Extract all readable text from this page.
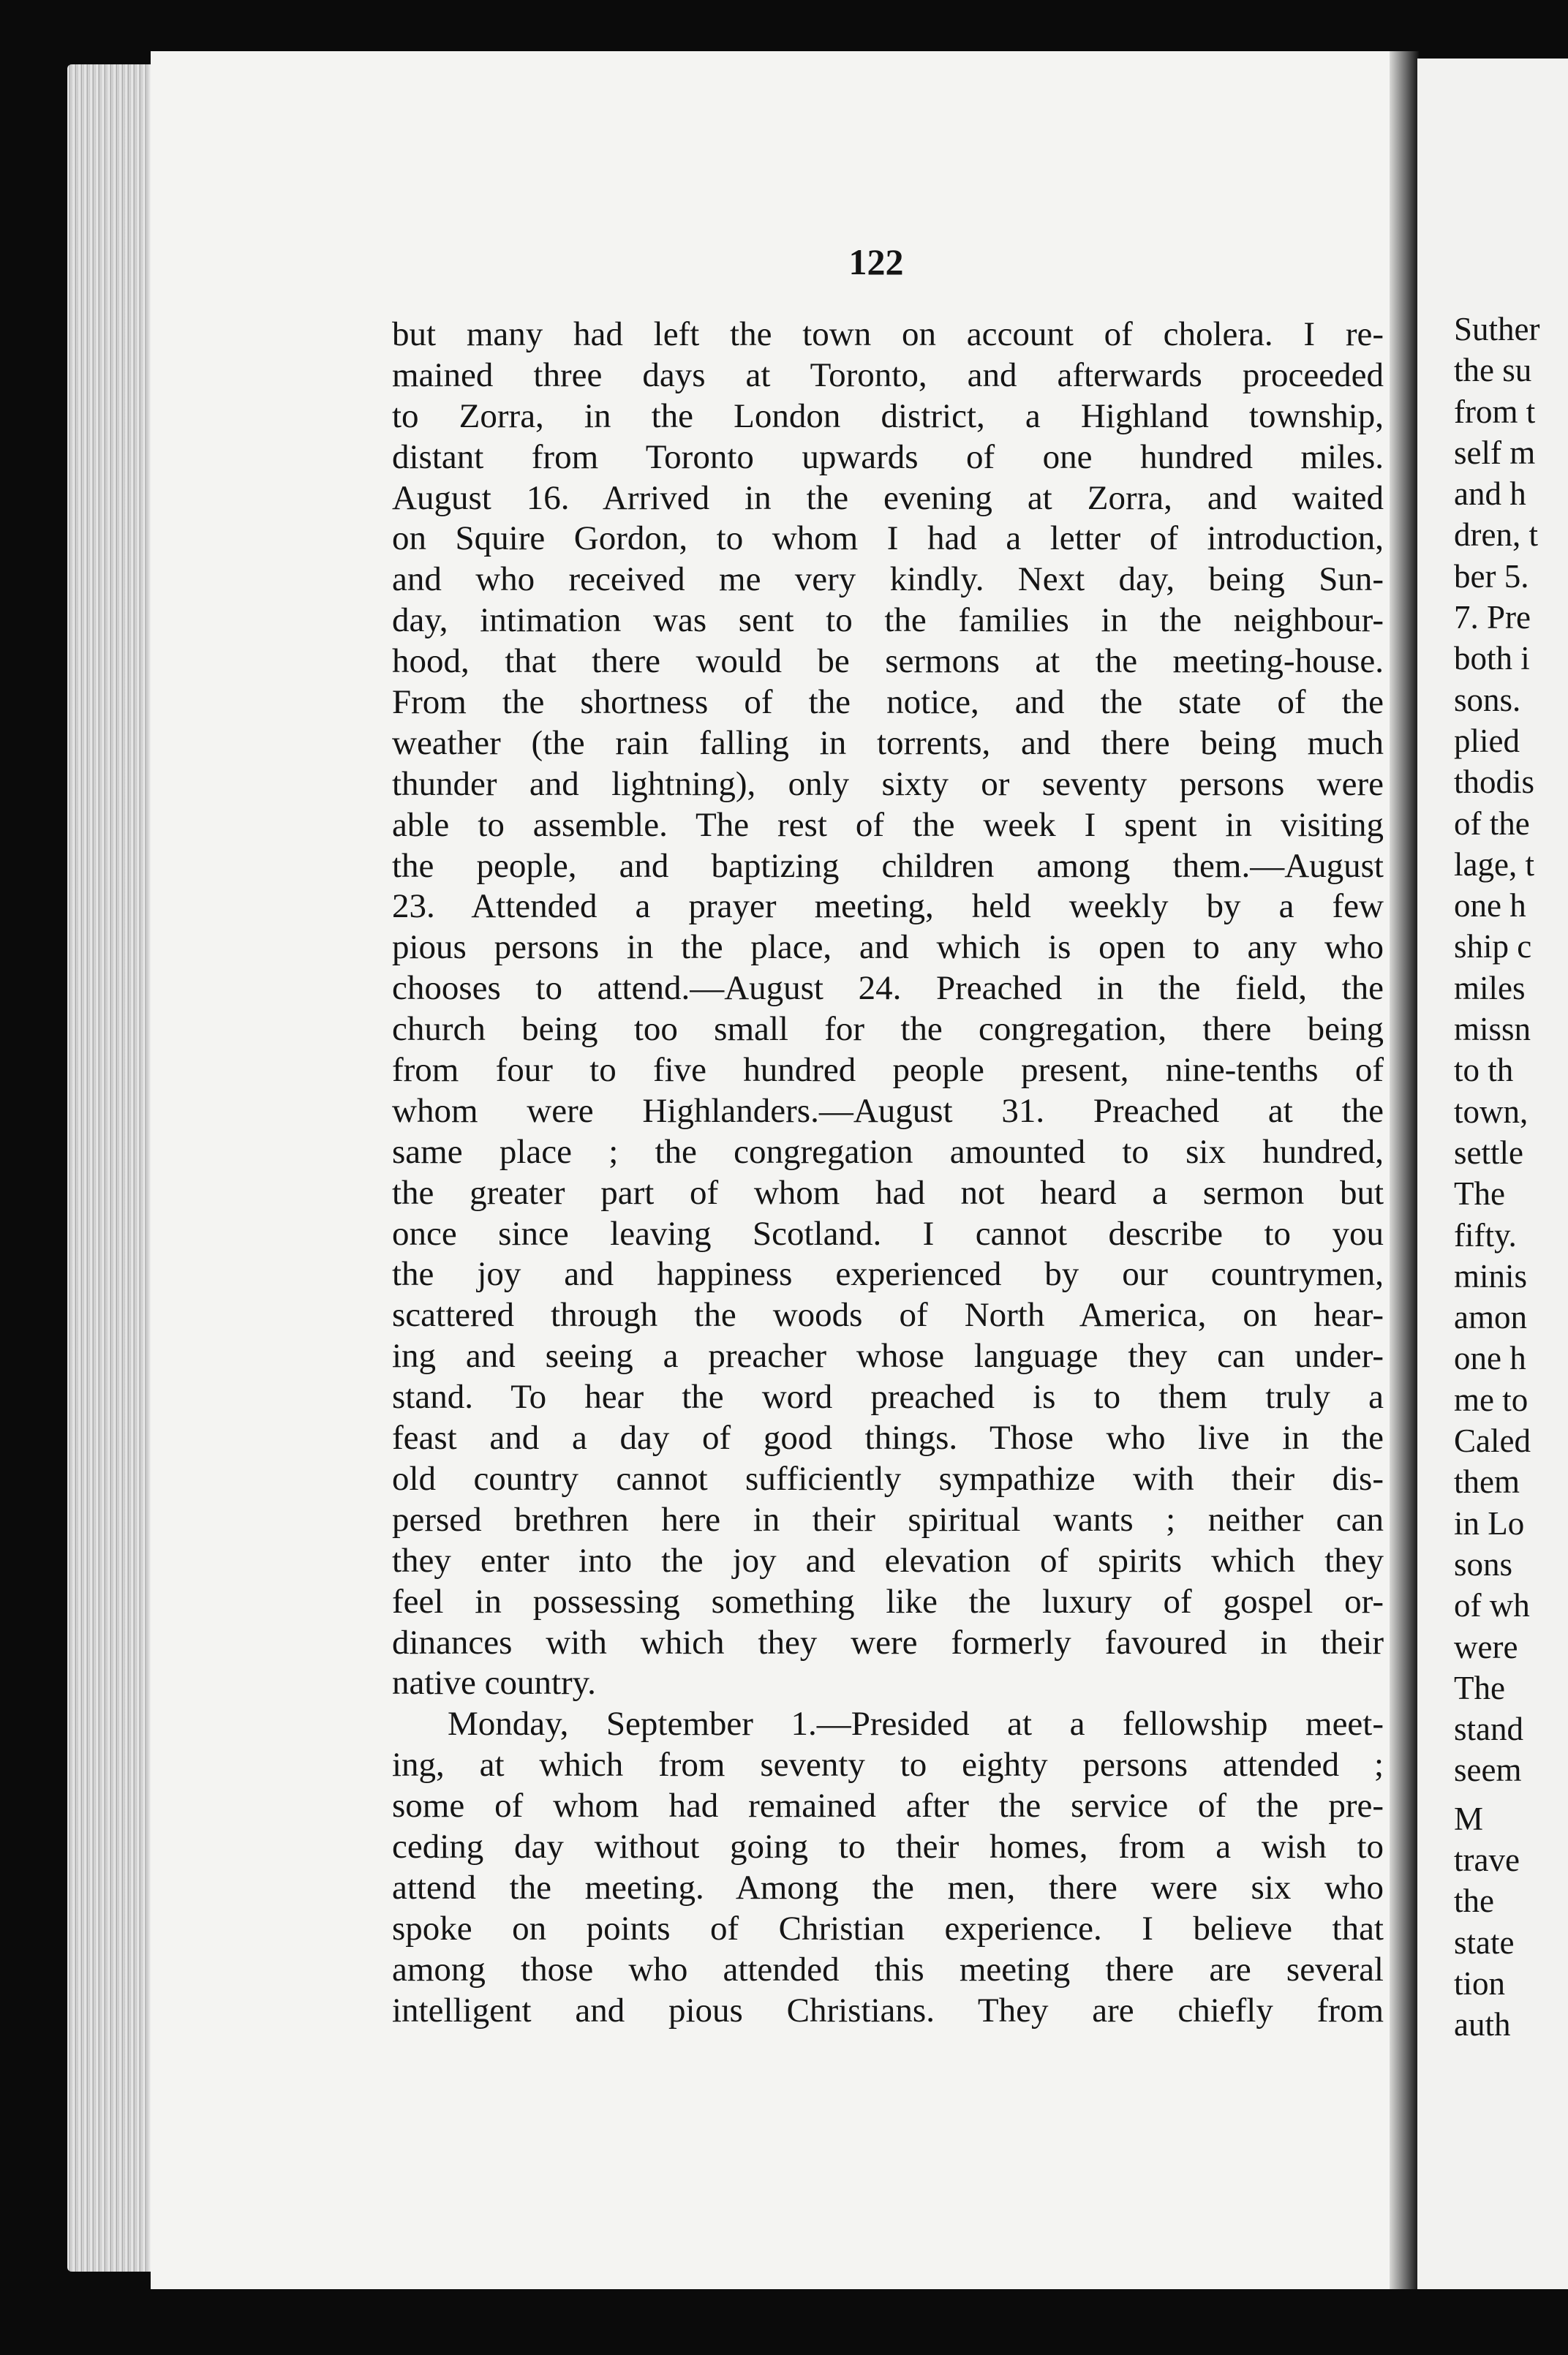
122
but many had left the town on account of cholera. I re-
mained three days at Toronto, and afterwards proceeded
to Zorra, in the London district, a Highland township,
distant from Toronto upwards of one hundred miles.
August 16. Arrived in the evening at Zorra, and waited
on Squire Gordon, to whom I had a letter of introduction,
and who received me very kindly. Next day, being Sun-
day, intimation was sent to the families in the neighbour-
hood, that there would be sermons at the meeting-house.
From the shortness of the notice, and the state of the
weather (the rain falling in torrents, and there being much
thunder and lightning), only sixty or seventy persons were
able to assemble. The rest of the week I spent in visiting
the people, and baptizing children among them.—August
23. Attended a prayer meeting, held weekly by a few
pious persons in the place, and which is open to any who
chooses to attend.—August 24. Preached in the field, the
church being too small for the congregation, there being
from four to five hundred people present, nine-tenths of
whom were Highlanders.—August 31. Preached at the
same place ; the congregation amounted to six hundred,
the greater part of whom had not heard a sermon but
once since leaving Scotland. I cannot describe to you
the joy and happiness experienced by our countrymen,
scattered through the woods of North America, on hear-
ing and seeing a preacher whose language they can under-
stand. To hear the word preached is to them truly a
feast and a day of good things. Those who live in the
old country cannot sufficiently sympathize with their dis-
persed brethren here in their spiritual wants ; neither can
they enter into the joy and elevation of spirits which they
feel in possessing something like the luxury of gospel or-
dinances with which they were formerly favoured in their
native country.
Monday, September 1.—Presided at a fellowship meet-
ing, at which from seventy to eighty persons attended ;
some of whom had remained after the service of the pre-
ceding day without going to their homes, from a wish to
attend the meeting. Among the men, there were six who
spoke on points of Christian experience. I believe that
among those who attended this meeting there are several
intelligent and pious Christians. They are chiefly from
Suther
the su
from t
self m
and h
dren, t
ber 5.
7. Pre
both i
sons.
plied
thodis
of the
lage, t
one h
ship c
miles
missn
to th
town,
settle
The
fifty.
minis
amon
one h
me to
Caled
them
in Lo
sons
of wh
were
The
stand
seem
M
trave
the
state
tion
auth
